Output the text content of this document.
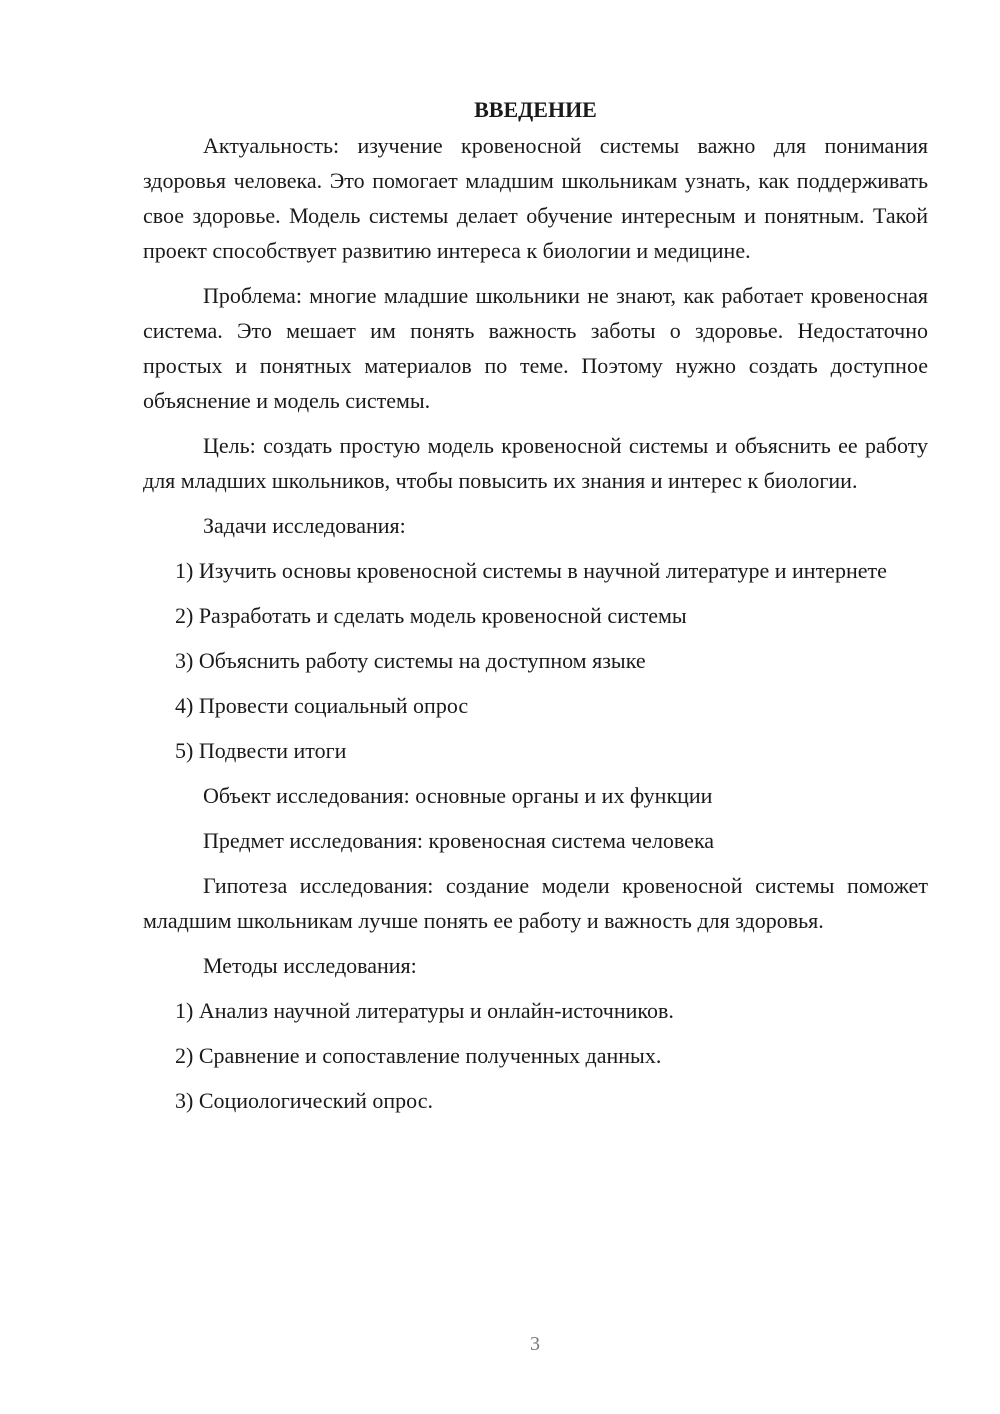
ВВЕДЕНИЕ

Актуальность: изучение кровеносной системы важно для понимания здоровья человека. Это помогает младшим школьникам узнать, как поддерживать свое здоровье. Модель системы делает обучение интересным и понятным. Такой проект способствует развитию интереса к биологии и медицине.

Проблема: многие младшие школьники не знают, как работает кровеносная система. Это мешает им понять важность заботы о здоровье. Недостаточно простых и понятных материалов по теме. Поэтому нужно создать доступное объяснение и модель системы.

Цель: создать простую модель кровеносной системы и объяснить ее работу для младших школьников, чтобы повысить их знания и интерес к биологии.

Задачи исследования:

1) Изучить основы кровеносной системы в научной литературе и интернете

2) Разработать и сделать модель кровеносной системы

3) Объяснить работу системы на доступном языке

4) Провести социальный опрос

5) Подвести итоги

Объект исследования: основные органы и их функции

Предмет исследования: кровеносная система человека

Гипотеза исследования: создание модели кровеносной системы поможет младшим школьникам лучше понять ее работу и важность для здоровья.

Методы исследования:

1) Анализ научной литературы и онлайн-источников.

2) Сравнение и сопоставление полученных данных.

3) Социологический опрос.

3
